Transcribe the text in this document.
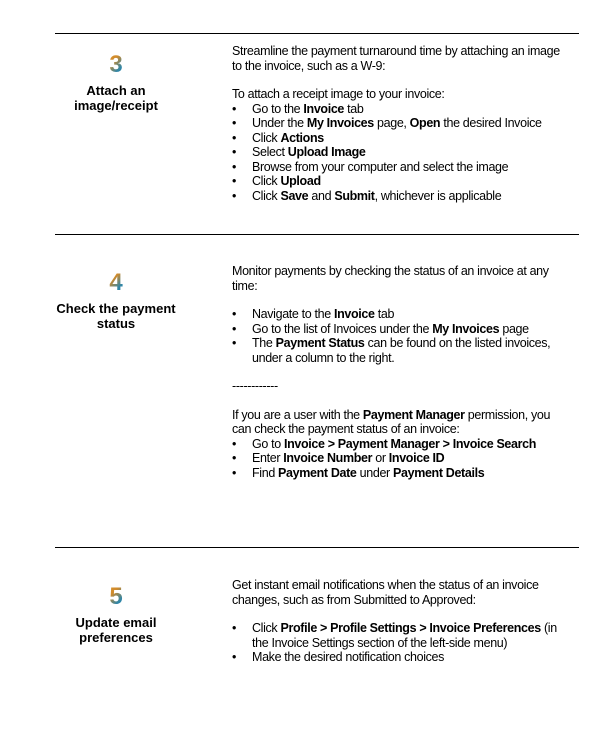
3
Attach an image/receipt

Streamline the payment turnaround time by attaching an image to the invoice, such as a W-9:

To attach a receipt image to your invoice:

• Go to the Invoice tab
• Under the My Invoices page, Open the desired Invoice
• Click Actions
• Select Upload Image
• Browse from your computer and select the image
• Click Upload
• Click Save and Submit, whichever is applicable
4
Check the payment status

Monitor payments by checking the status of an invoice at any time:

• Navigate to the Invoice tab
• Go to the list of Invoices under the My Invoices page
• The Payment Status can be found on the listed invoices, under a column to the right.

------------

If you are a user with the Payment Manager permission, you can check the payment status of an invoice:

• Go to Invoice > Payment Manager > Invoice Search
• Enter Invoice Number or Invoice ID
• Find Payment Date under Payment Details
5
Update email preferences

Get instant email notifications when the status of an invoice changes, such as from Submitted to Approved:

• Click Profile > Profile Settings > Invoice Preferences (in the Invoice Settings section of the left-side menu)
• Make the desired notification choices
